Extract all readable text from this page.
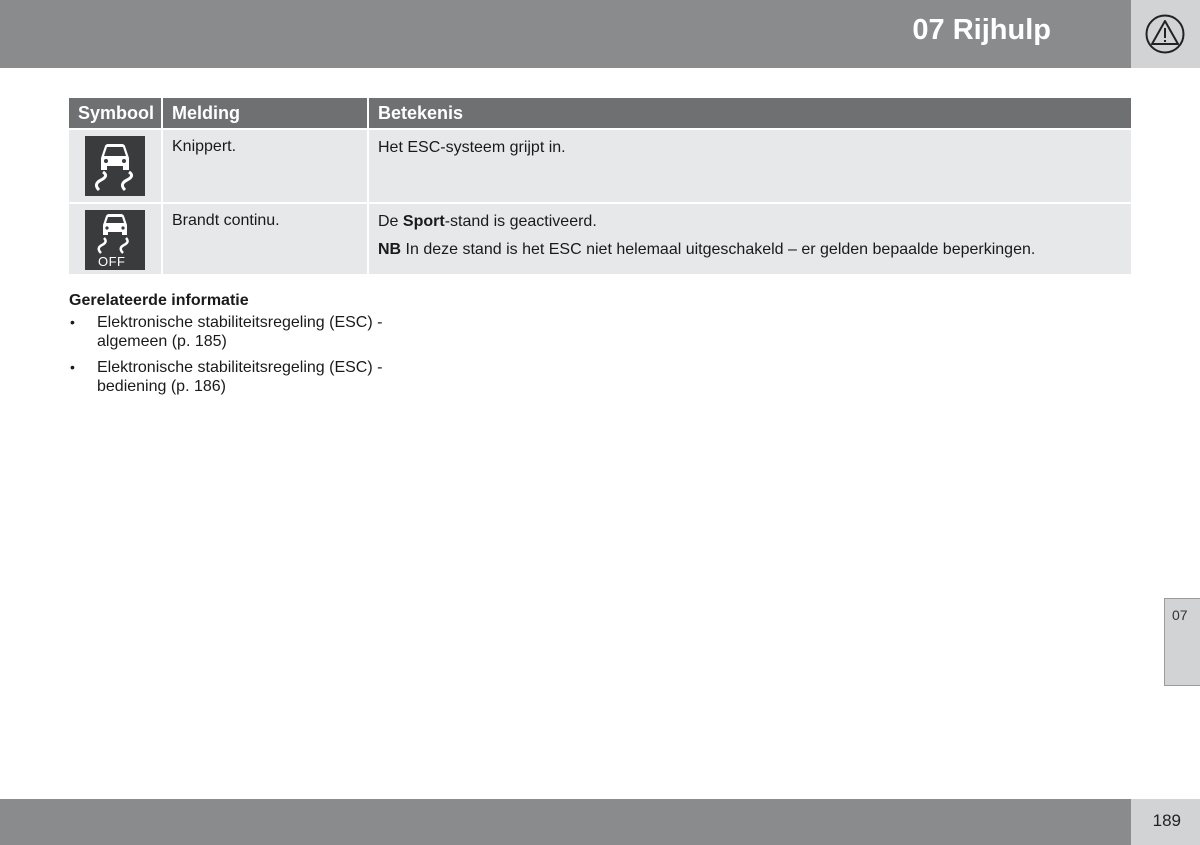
07 Rijhulp
Symbool	Melding	Betekenis

	Knippert.	Het ESC-systeem grijpt in.

OFF	Brandt continu.	De Sport-stand is geactiveerd.

NB In deze stand is het ESC niet helemaal uitgeschakeld – er gelden bepaalde beperkingen.

Gerelateerde informatie
• Elektronische stabiliteitsregeling (ESC) - algemeen (p. 185)
• Elektronische stabiliteitsregeling (ESC) - bediening (p. 186)
07
189
